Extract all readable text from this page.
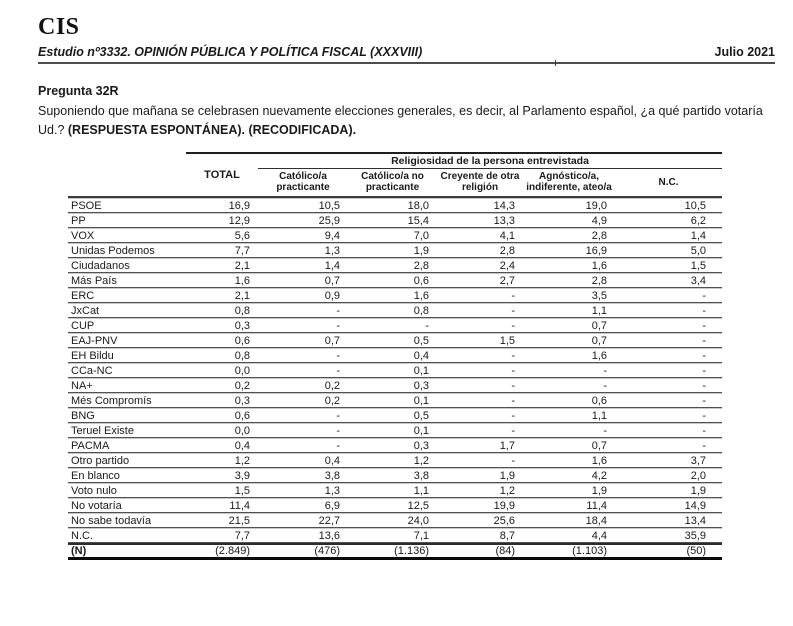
CIS
Estudio nº3332. OPINIÓN PÚBLICA Y POLÍTICA FISCAL (XXXVIII)	Julio 2021
Pregunta 32R
Suponiendo que mañana se celebrasen nuevamente elecciones generales, es decir, al Parlamento español, ¿a qué partido votaría Ud.? (RESPUESTA ESPONTÁNEA). (RECODIFICADA).
	TOTAL	Religiosidad de la persona entrevistada				
		Católico/a practicante	Católico/a no practicante	Creyente de otra religión	Agnóstico/a, indiferente, ateo/a	N.C.
PSOE	16,9	10,5	18,0	14,3	19,0	10,5
PP	12,9	25,9	15,4	13,3	4,9	6,2
VOX	5,6	9,4	7,0	4,1	2,8	1,4
Unidas Podemos	7,7	1,3	1,9	2,8	16,9	5,0
Ciudadanos	2,1	1,4	2,8	2,4	1,6	1,5
Más País	1,6	0,7	0,6	2,7	2,8	3,4
ERC	2,1	0,9	1,6	-	3,5	-
JxCat	0,8	-	0,8	-	1,1	-
CUP	0,3	-	-	-	0,7	-
EAJ-PNV	0,6	0,7	0,5	1,5	0,7	-
EH Bildu	0,8	-	0,4	-	1,6	-
CCa-NC	0,0	-	0,1	-	-	-
NA+	0,2	0,2	0,3	-	-	-
Més Compromís	0,3	0,2	0,1	-	0,6	-
BNG	0,6	-	0,5	-	1,1	-
Teruel Existe	0,0	-	0,1	-	-	-
PACMA	0,4	-	0,3	1,7	0,7	-
Otro partido	1,2	0,4	1,2	-	1,6	3,7
En blanco	3,9	3,8	3,8	1,9	4,2	2,0
Voto nulo	1,5	1,3	1,1	1,2	1,9	1,9
No votaría	11,4	6,9	12,5	19,9	11,4	14,9
No sabe todavía	21,5	22,7	24,0	25,6	18,4	13,4
N.C.	7,7	13,6	7,1	8,7	4,4	35,9
(N)	(2.849)	(476)	(1.136)	(84)	(1.103)	(50)
